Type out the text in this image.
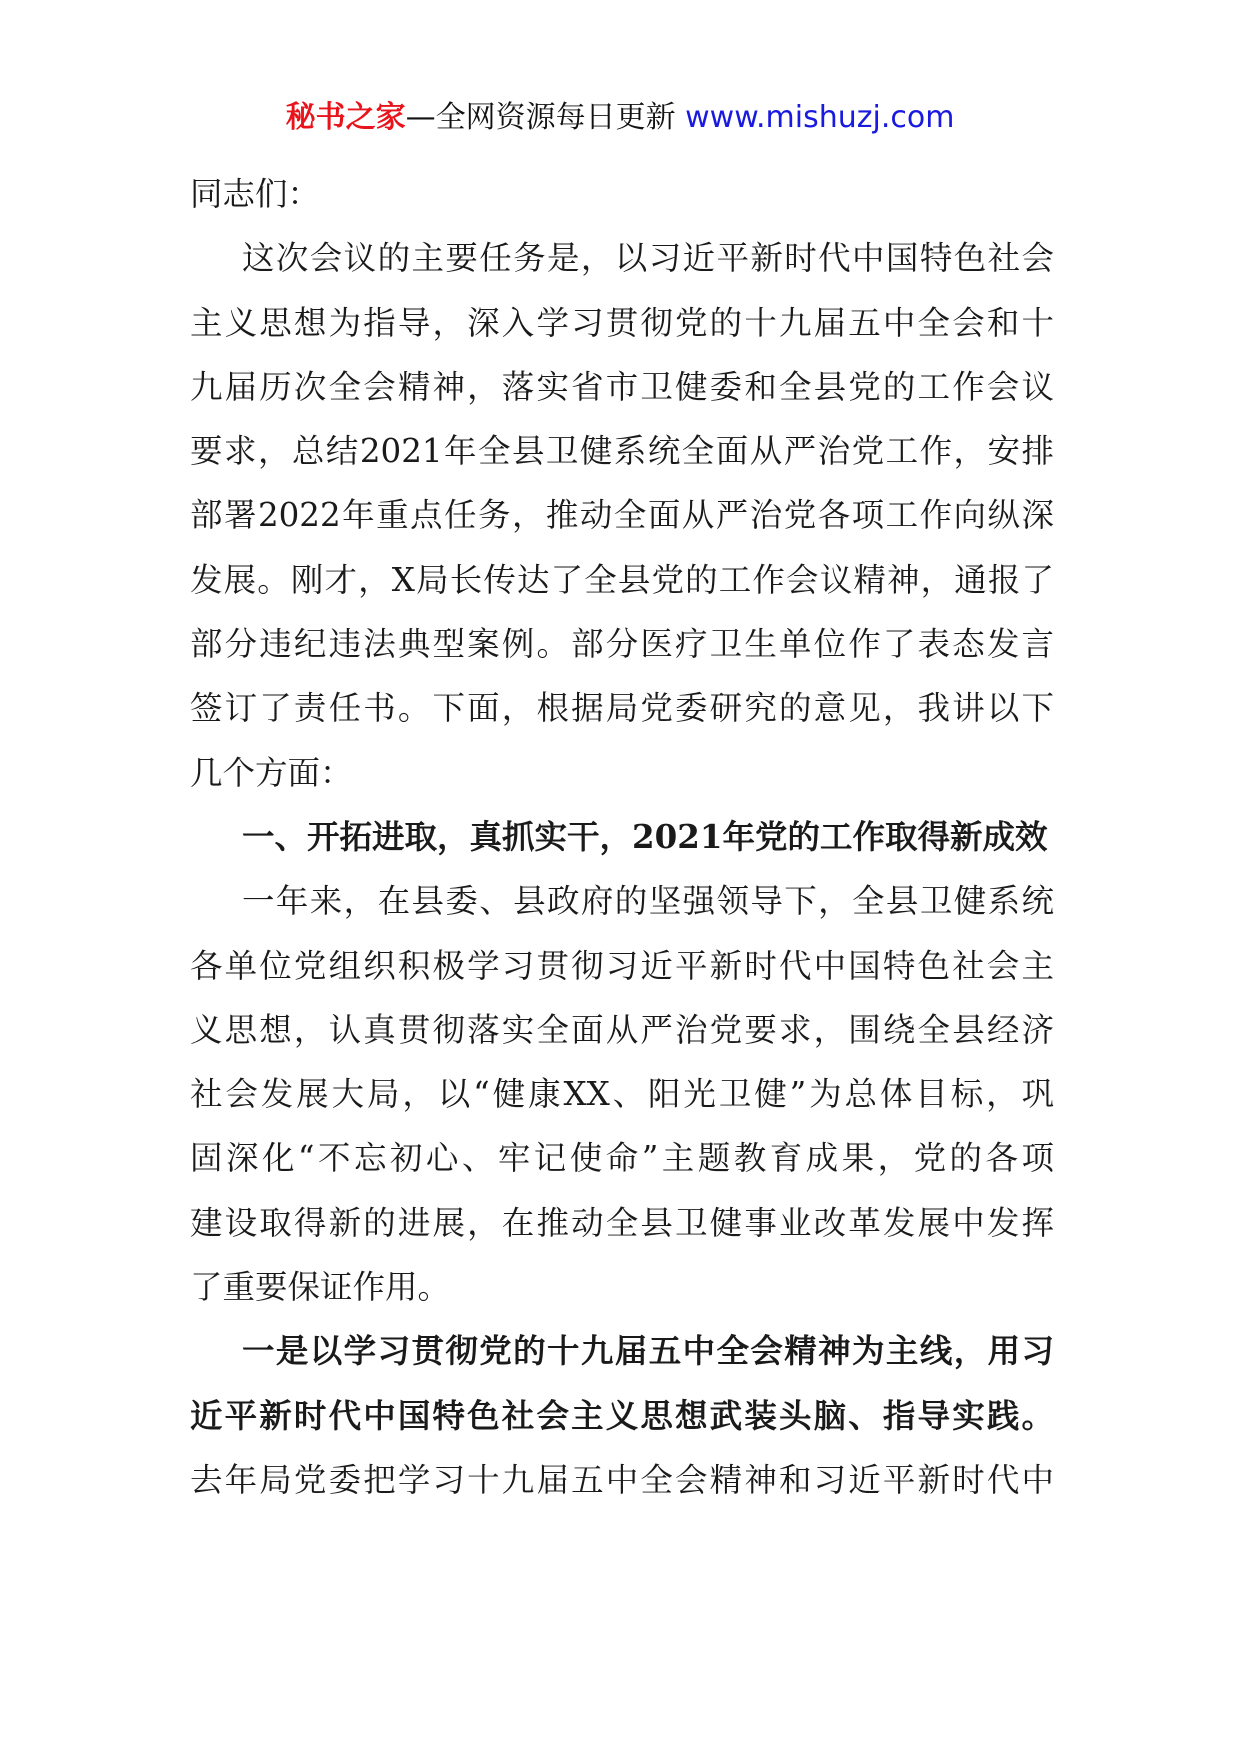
秘书之家—全网资源每日更新 www.mishuzj.com
同志们：
这次会议的主要任务是，以习近平新时代中国特色社会
主义思想为指导，深入学习贯彻党的十九届五中全会和十
九届历次全会精神，落实省市卫健委和全县党的工作会议
要求，总结2021年全县卫健系统全面从严治党工作，安排
部署2022年重点任务，推动全面从严治党各项工作向纵深
发展。刚才，X局长传达了全县党的工作会议精神，通报了
部分违纪违法典型案例。部分医疗卫生单位作了表态发言
签订了责任书。下面，根据局党委研究的意见，我讲以下
几个方面：
一、开拓进取，真抓实干，2021年党的工作取得新成效
一年来，在县委、县政府的坚强领导下，全县卫健系统
各单位党组织积极学习贯彻习近平新时代中国特色社会主
义思想，认真贯彻落实全面从严治党要求，围绕全县经济
社会发展大局，以“健康XX、阳光卫健”为总体目标，巩
固深化“不忘初心、牢记使命”主题教育成果，党的各项
建设取得新的进展，在推动全县卫健事业改革发展中发挥
了重要保证作用。
一是以学习贯彻党的十九届五中全会精神为主线，用习
近平新时代中国特色社会主义思想武装头脑、指导实践。
去年局党委把学习十九届五中全会精神和习近平新时代中
